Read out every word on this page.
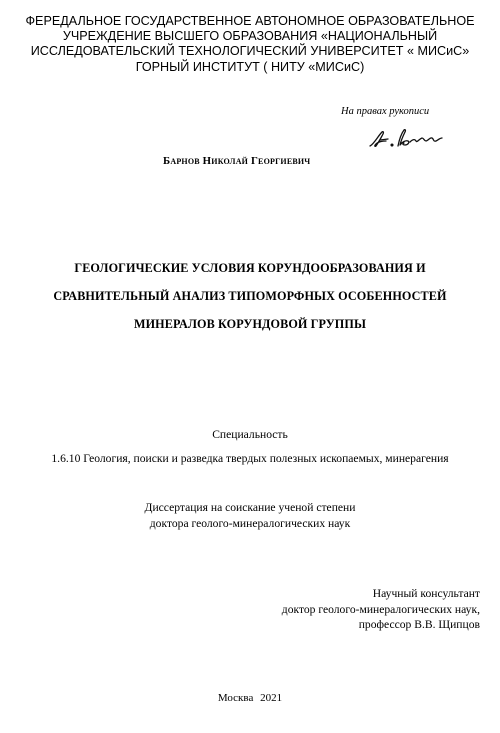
ФЕРЕДАЛЬНОЕ ГОСУДАРСТВЕННОЕ АВТОНОМНОЕ ОБРАЗОВАТЕЛЬНОЕ
УЧРЕЖДЕНИЕ ВЫСШЕГО ОБРАЗОВАНИЯ «НАЦИОНАЛЬНЫЙ
ИССЛЕДОВАТЕЛЬСКИЙ ТЕХНОЛОГИЧЕСКИЙ УНИВЕРСИТЕТ « МИСиС»
ГОРНЫЙ ИНСТИТУТ ( НИТУ «МИСиС)
На правах рукописи
Барнов Николай Георгиевич
ГЕОЛОГИЧЕСКИЕ УСЛОВИЯ КОРУНДООБРАЗОВАНИЯ И
СРАВНИТЕЛЬНЫЙ АНАЛИЗ ТИПОМОРФНЫХ ОСОБЕННОСТЕЙ
МИНЕРАЛОВ КОРУНДОВОЙ ГРУППЫ
Специальность
1.6.10 Геология, поиски и разведка твердых полезных ископаемых, минерагения
Диссертация на соискание ученой степени
доктора геолого-минералогических наук
Научный консультант
доктор геолого-минералогических наук,
профессор В.В. Щипцов
Москва 2021
